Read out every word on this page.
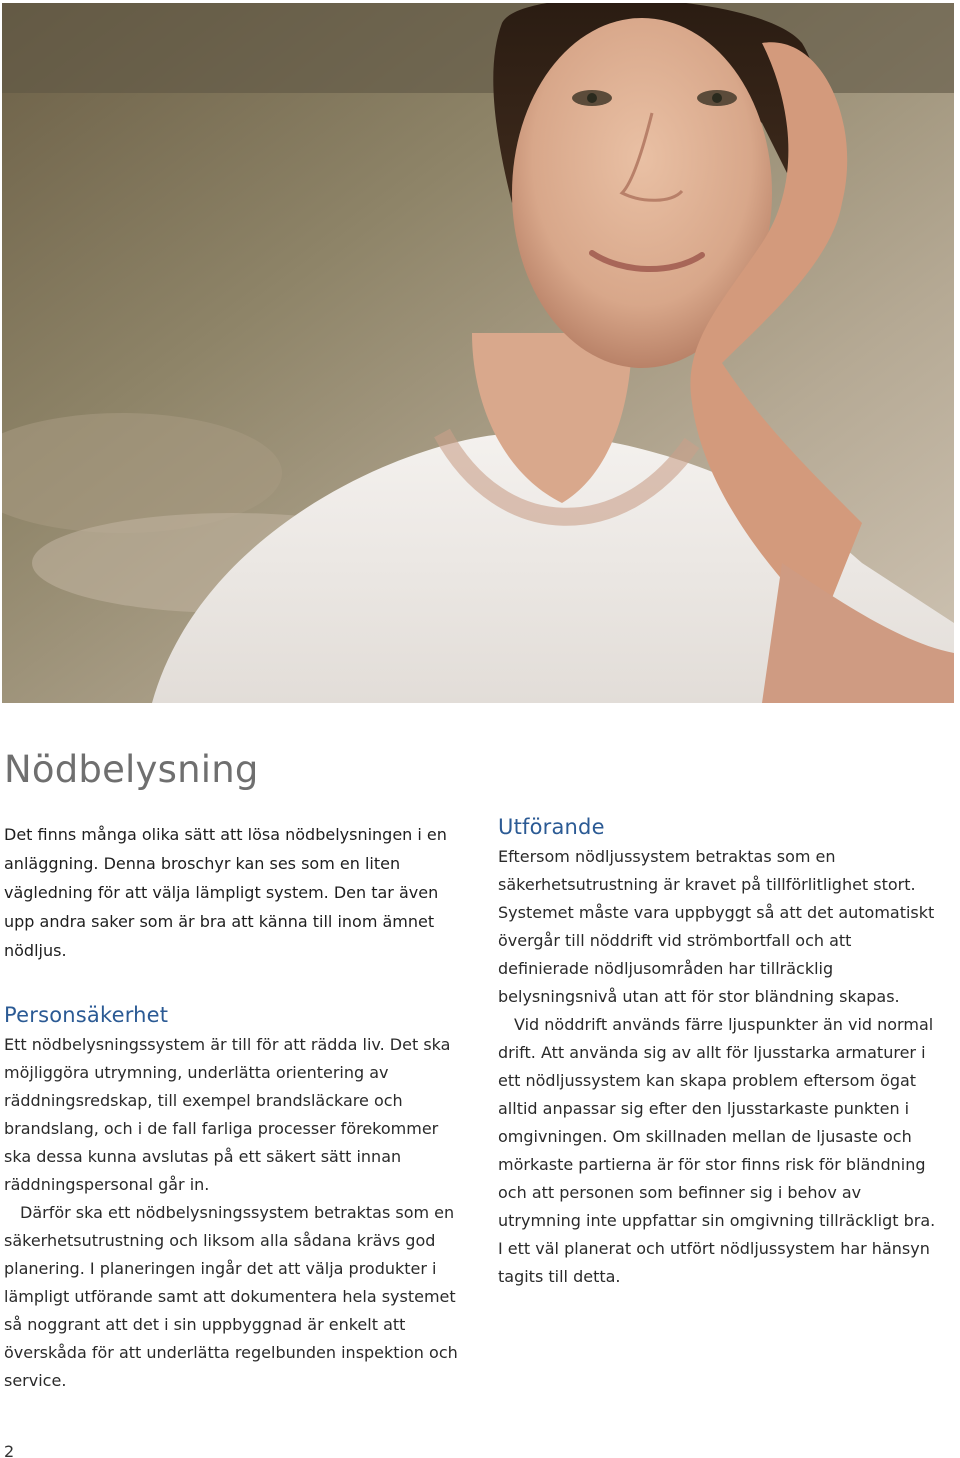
Nödbelysning

Det finns många olika sätt att lösa nödbelysningen i en anläggning. Denna broschyr kan ses som en liten vägledning för att välja lämpligt system. Den tar även upp andra saker som är bra att känna till inom ämnet nödljus.

Personsäkerhet

Ett nödbelysningssystem är till för att rädda liv. Det ska möjliggöra utrymning, underlätta orientering av räddningsredskap, till exempel brandsläckare och brandslang, och i de fall farliga processer förekommer ska dessa kunna avslutas på ett säkert sätt innan räddningspersonal går in.

Därför ska ett nödbelysningssystem betraktas som en säkerhetsutrustning och liksom alla sådana krävs god planering. I planeringen ingår det att välja produkter i lämpligt utförande samt att dokumentera hela systemet så noggrant att det i sin uppbyggnad är enkelt att överskåda för att underlätta regelbunden inspektion och service.

Utförande

Eftersom nödljussystem betraktas som en säkerhetsutrustning är kravet på tillförlitlighet stort. Systemet måste vara uppbyggt så att det automatiskt övergår till nöddrift vid strömbortfall och att definierade nödljusområden har tillräcklig belysningsnivå utan att för stor bländning skapas.

Vid nöddrift används färre ljuspunkter än vid normal drift. Att använda sig av allt för ljusstarka armaturer i ett nödljussystem kan skapa problem eftersom ögat alltid anpassar sig efter den ljusstarkaste punkten i omgivningen. Om skillnaden mellan de ljusaste och mörkaste partierna är för stor finns risk för bländning och att personen som befinner sig i behov av utrymning inte uppfattar sin omgivning tillräckligt bra. I ett väl planerat och utfört nödljussystem har hänsyn tagits till detta.

2
